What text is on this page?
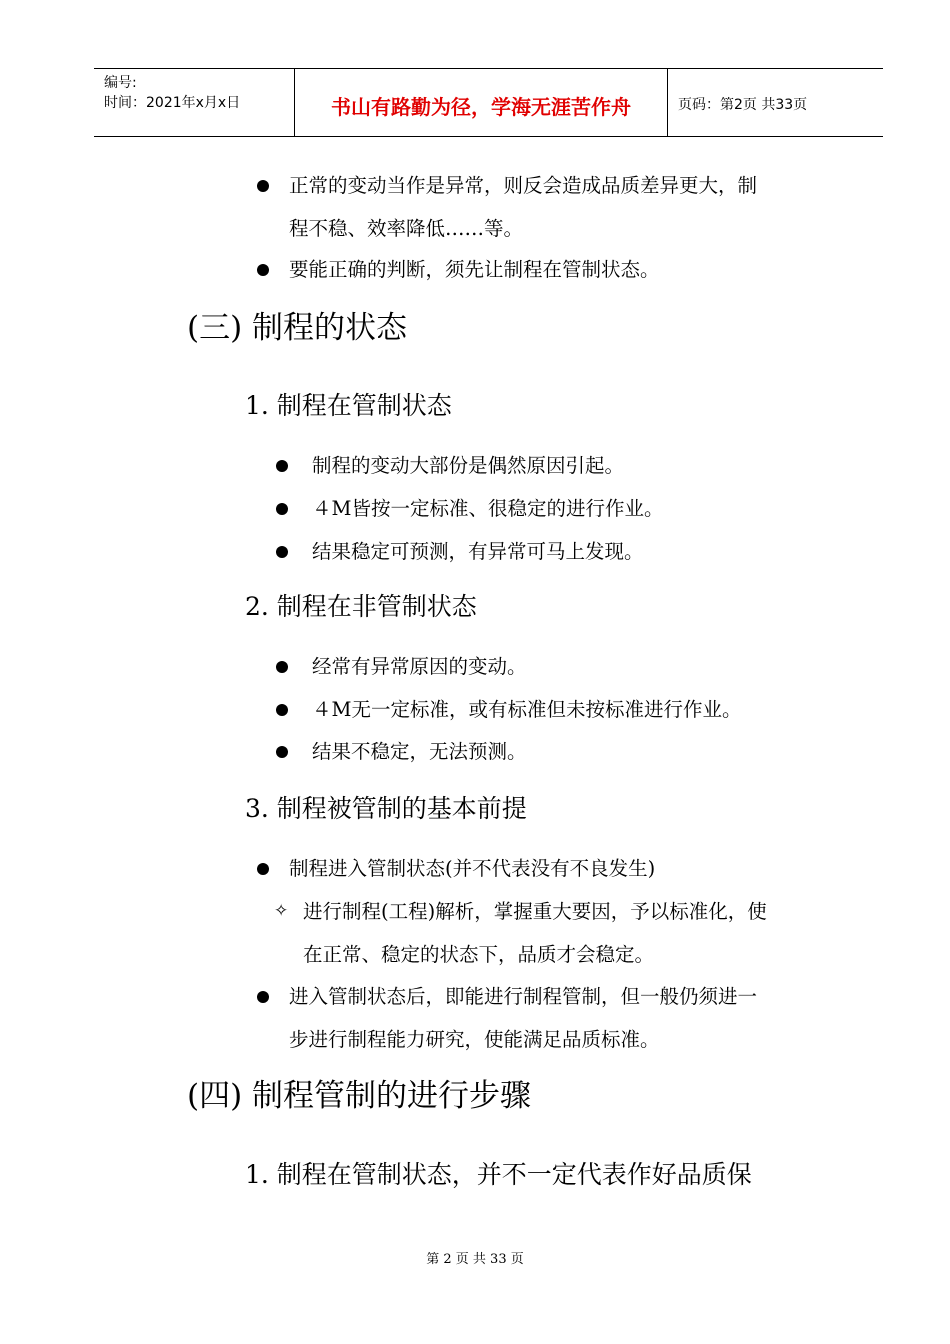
编号:
时间：2021年x月x日	书山有路勤为径，学海无涯苦作舟	页码：第2页 共33页
正常的变动当作是异常，则反会造成品质差异更大，制
程不稳、效率降低……等。
要能正确的判断，须先让制程在管制状态。
(三) 制程的状态
1. 制程在管制状态
制程的变动大部份是偶然原因引起。
４M皆按一定标准、很稳定的进行作业。
结果稳定可预测，有异常可马上发现。
2. 制程在非管制状态
经常有异常原因的变动。
４M无一定标准，或有标准但未按标准进行作业。
结果不稳定，无法预测。
3. 制程被管制的基本前提
制程进入管制状态(并不代表没有不良发生)
✧ 进行制程(工程)解析，掌握重大要因，予以标准化，使
在正常、稳定的状态下，品质才会稳定。
进入管制状态后，即能进行制程管制，但一般仍须进一
步进行制程能力研究，使能满足品质标准。
(四) 制程管制的进行步骤
1. 制程在管制状态，并不一定代表作好品质保
第 2 页 共 33 页
